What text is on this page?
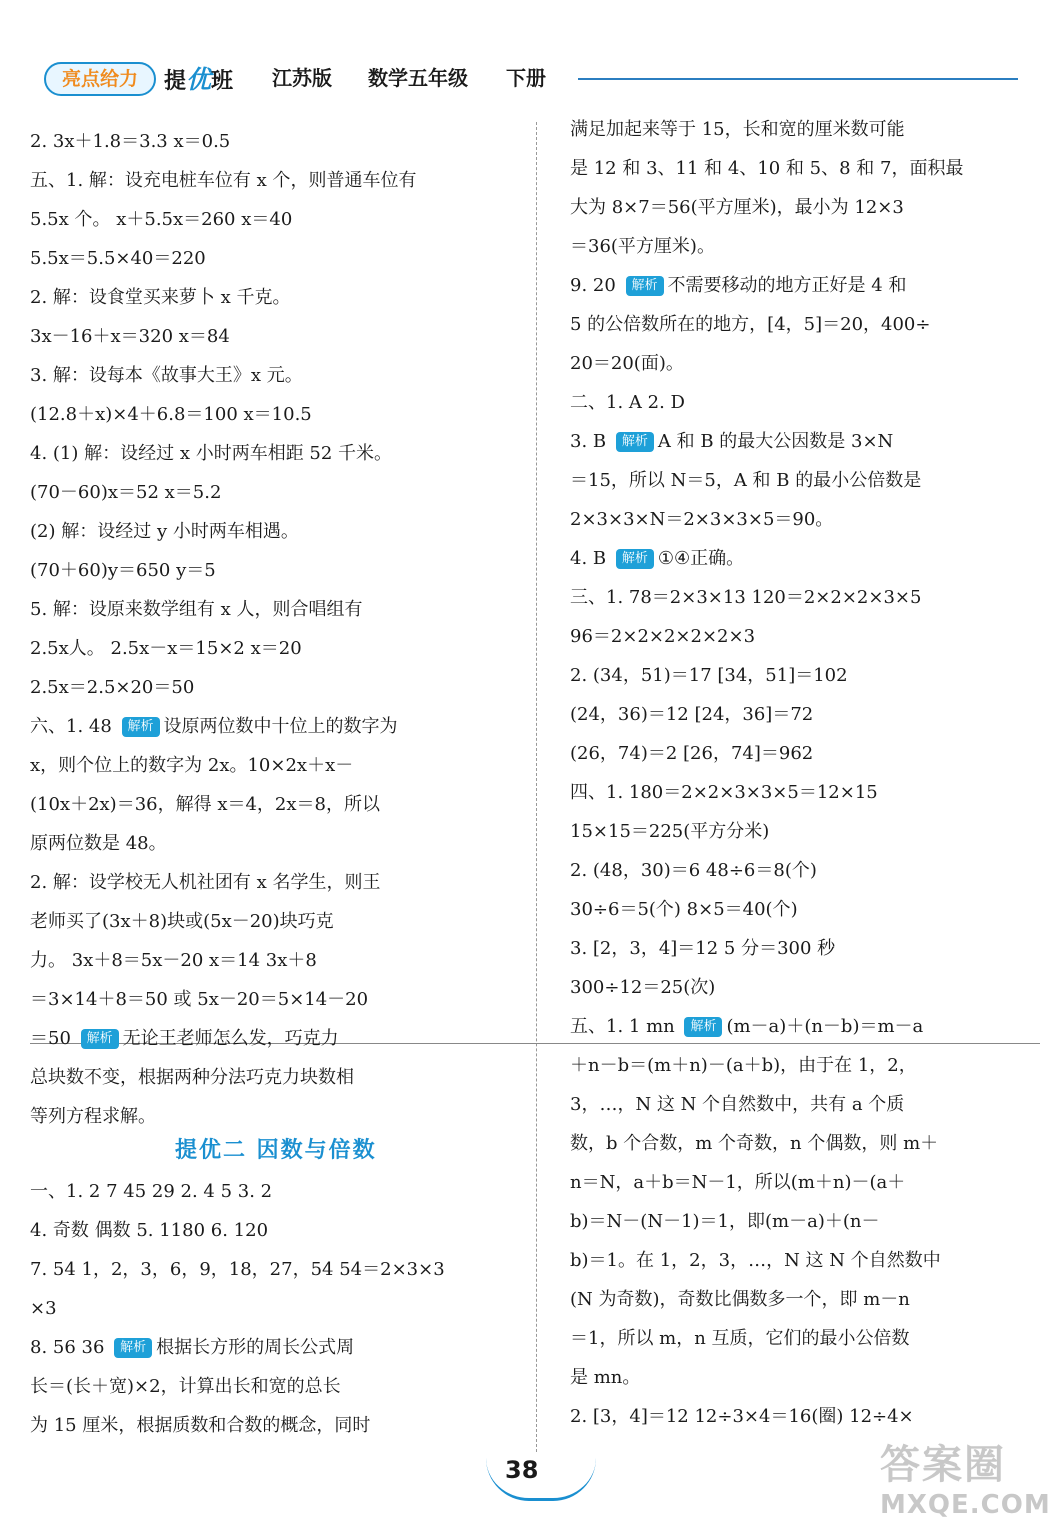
亮点给力	提优班 江苏版 数学五年级 下册
2. 3x＋1.8＝3.3 x＝0.5
五、1. 解：设充电桩车位有 x 个，则普通车位有
5.5x 个。 x＋5.5x＝260 x＝40
5.5x＝5.5×40＝220
2. 解：设食堂买来萝卜 x 千克。
3x－16＋x＝320 x＝84
3. 解：设每本《故事大王》x 元。
(12.8＋x)×4＋6.8＝100 x＝10.5
4. (1) 解：设经过 x 小时两车相距 52 千米。
(70－60)x＝52 x＝5.2
(2) 解：设经过 y 小时两车相遇。
(70＋60)y＝650 y＝5
5. 解：设原来数学组有 x 人，则合唱组有
2.5x人。 2.5x－x＝15×2 x＝20
2.5x＝2.5×20＝50
六、1. 48 解析 设原两位数中十位上的数字为
x，则个位上的数字为 2x。10×2x＋x－
(10x＋2x)＝36，解得 x＝4，2x＝8，所以
原两位数是 48。
2. 解：设学校无人机社团有 x 名学生，则王
老师买了(3x＋8)块或(5x－20)块巧克
力。 3x＋8＝5x－20 x＝14 3x＋8
＝3×14＋8＝50 或 5x－20＝5×14－20
＝50 解析 无论王老师怎么发，巧克力
总块数不变，根据两种分法巧克力块数相
等列方程求解。
提优二 因数与倍数
一、1. 2 7 45 29 2. 4 5 3. 2
4. 奇数 偶数 5. 1180 6. 120
7. 54 1，2，3，6，9，18，27，54 54＝2×3×3
×3
8. 56 36 解析 根据长方形的周长公式周
长＝(长＋宽)×2，计算出长和宽的总长
为 15 厘米，根据质数和合数的概念，同时
满足加起来等于 15，长和宽的厘米数可能
是 12 和 3、11 和 4、10 和 5、8 和 7，面积最
大为 8×7＝56(平方厘米)，最小为 12×3
＝36(平方厘米)。
9. 20 解析 不需要移动的地方正好是 4 和
5 的公倍数所在的地方，[4，5]＝20，400÷
20＝20(面)。
二、1. A 2. D
3. B 解析 A 和 B 的最大公因数是 3×N
＝15，所以 N＝5，A 和 B 的最小公倍数是
2×3×3×N＝2×3×3×5＝90。
4. B 解析 ①④正确。
三、1. 78＝2×3×13 120＝2×2×2×3×5
96＝2×2×2×2×2×3
2. (34，51)＝17 [34，51]＝102
(24，36)＝12 [24，36]＝72
(26，74)＝2 [26，74]＝962
四、1. 180＝2×2×3×3×5＝12×15
15×15＝225(平方分米)
2. (48，30)＝6 48÷6＝8(个)
30÷6＝5(个) 8×5＝40(个)
3. [2，3，4]＝12 5 分＝300 秒
300÷12＝25(次)
五、1. 1 mn 解析 (m－a)＋(n－b)＝m－a
＋n－b＝(m＋n)－(a＋b)，由于在 1，2，
3，…，N 这 N 个自然数中，共有 a 个质
数，b 个合数，m 个奇数，n 个偶数，则 m＋
n＝N，a＋b＝N－1，所以(m＋n)－(a＋
b)＝N－(N－1)＝1，即(m－a)＋(n－
b)＝1。在 1，2，3，…，N 这 N 个自然数中
(N 为奇数)，奇数比偶数多一个，即 m－n
＝1，所以 m，n 互质，它们的最小公倍数
是 mn。
2. [3，4]＝12 12÷3×4＝16(圈) 12÷4×
38	答案圈
MXQE.COM
